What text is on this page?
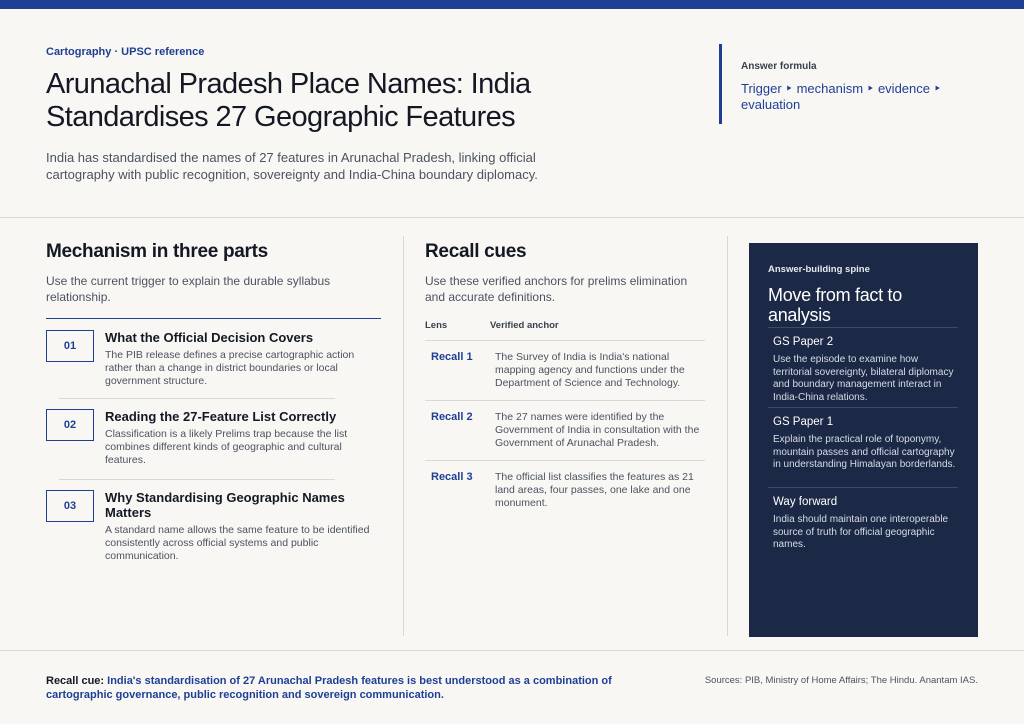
Cartography · UPSC reference
Arunachal Pradesh Place Names: India Standardises 27 Geographic Features

India has standardised the names of 27 features in Arunachal Pradesh, linking official cartography with public recognition, sovereignty and India-China boundary diplomacy.

Answer formula
Trigger ‣ mechanism ‣ evidence ‣ evaluation
Mechanism in three parts

Use the current trigger to explain the durable syllabus relationship.

01
What the Official Decision Covers
The PIB release defines a precise cartographic action rather than a change in district boundaries or local government structure.
02
Reading the 27-Feature List Correctly
Classification is a likely Prelims trap because the list combines different kinds of geographic and cultural features.
03
Why Standardising Geographic Names Matters
A standard name allows the same feature to be identified consistently across official systems and public communication.
Recall cues

Use these verified anchors for prelims elimination and accurate definitions.

Lens	Verified anchor
Recall 1 The Survey of India is India's national mapping agency and functions under the Department of Science and Technology.
Recall 2 The 27 names were identified by the Government of India in consultation with the Government of Arunachal Pradesh.
Recall 3 The official list classifies the features as 21 land areas, four passes, one lake and one monument.
Answer-building spine
Move from fact to analysis
GS Paper 2
Use the episode to examine how territorial sovereignty, bilateral diplomacy and boundary management interact in India-China relations.
GS Paper 1
Explain the practical role of toponymy, mountain passes and official cartography in understanding Himalayan borderlands.
Way forward
India should maintain one interoperable source of truth for official geographic names.

Recall cue: India's standardisation of 27 Arunachal Pradesh features is best understood as a combination of cartographic governance, public recognition and sovereign communication.

Sources: PIB, Ministry of Home Affairs; The Hindu. Anantam IAS.
